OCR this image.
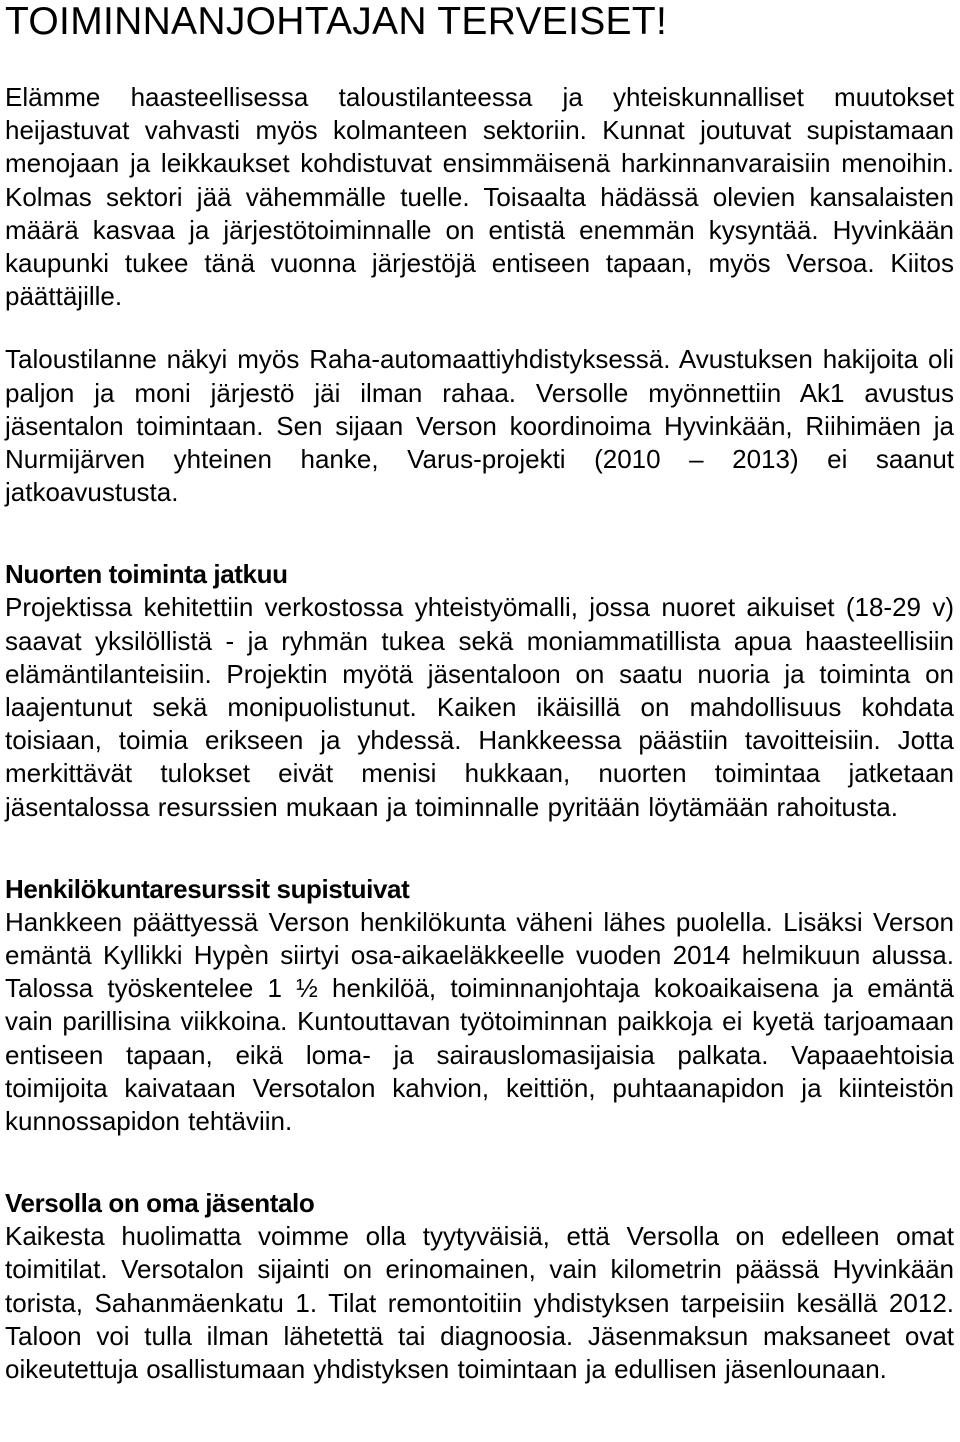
TOIMINNANJOHTAJAN TERVEISET!

Elämme haasteellisessa taloustilanteessa ja yhteiskunnalliset muutokset heijastuvat vahvasti myös kolmanteen sektoriin. Kunnat joutuvat supistamaan menojaan ja leikkaukset kohdistuvat ensimmäisenä harkinnanvaraisiin menoihin. Kolmas sektori jää vähemmälle tuelle. Toisaalta hädässä olevien kansalaisten määrä kasvaa ja järjestötoiminnalle on entistä enemmän kysyntää. Hyvinkään kaupunki tukee tänä vuonna järjestöjä entiseen tapaan, myös Versoa. Kiitos päättäjille.

Taloustilanne näkyi myös Raha-automaattiyhdistyksessä. Avustuksen hakijoita oli paljon ja moni järjestö jäi ilman rahaa. Versolle myönnettiin Ak1 avustus jäsentalon toimintaan. Sen sijaan Verson koordinoima Hyvinkään, Riihimäen ja Nurmijärven yhteinen hanke, Varus-projekti (2010 – 2013) ei saanut jatkoavustusta.

Nuorten toiminta jatkuu

Projektissa kehitettiin verkostossa yhteistyömalli, jossa nuoret aikuiset (18-29 v) saavat yksilöllistä - ja ryhmän tukea sekä moniammatillista apua haasteellisiin elämäntilanteisiin. Projektin myötä jäsentaloon on saatu nuoria ja toiminta on laajentunut sekä monipuolistunut. Kaiken ikäisillä on mahdollisuus kohdata toisiaan, toimia erikseen ja yhdessä. Hankkeessa päästiin tavoitteisiin. Jotta merkittävät tulokset eivät menisi hukkaan, nuorten toimintaa jatketaan jäsentalossa resurssien mukaan ja toiminnalle pyritään löytämään rahoitusta.

Henkilökuntaresurssit supistuivat

Hankkeen päättyessä Verson henkilökunta väheni lähes puolella. Lisäksi Verson emäntä Kyllikki Hypèn siirtyi osa-aikaeläkkeelle vuoden 2014 helmikuun alussa. Talossa työskentelee 1 ½ henkilöä, toiminnanjohtaja kokoaikaisena ja emäntä vain parillisina viikkoina. Kuntouttavan työtoiminnan paikkoja ei kyetä tarjoamaan entiseen tapaan, eikä loma- ja sairauslomasijaisia palkata. Vapaaehtoisia toimijoita kaivataan Versotalon kahvion, keittiön, puhtaanapidon ja kiinteistön kunnossapidon tehtäviin.

Versolla on oma jäsentalo

Kaikesta huolimatta voimme olla tyytyväisiä, että Versolla on edelleen omat toimitilat. Versotalon sijainti on erinomainen, vain kilometrin päässä Hyvinkään torista, Sahanmäenkatu 1. Tilat remontoitiin yhdistyksen tarpeisiin kesällä 2012. Taloon voi tulla ilman lähetettä tai diagnoosia. Jäsenmaksun maksaneet ovat oikeutettuja osallistumaan yhdistyksen toimintaan ja edullisen jäsenlounaan.
